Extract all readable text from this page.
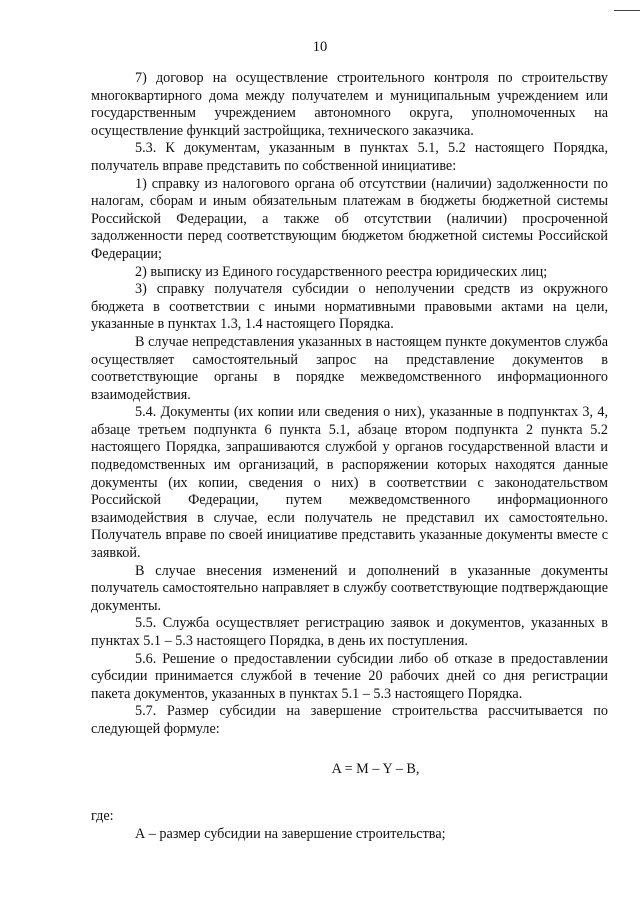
10

7) договор на осуществление строительного контроля по строительству многоквартирного дома между получателем и муниципальным учреждением или государственным учреждением автономного округа, уполномоченных на осуществление функций застройщика, технического заказчика.

5.3. К документам, указанным в пунктах 5.1, 5.2 настоящего Порядка, получатель вправе представить по собственной инициативе:

1) справку из налогового органа об отсутствии (наличии) задолженности по налогам, сборам и иным обязательным платежам в бюджеты бюджетной системы Российской Федерации, а также об отсутствии (наличии) просроченной задолженности перед соответствующим бюджетом бюджетной системы Российской Федерации;

2) выписку из Единого государственного реестра юридических лиц;

3) справку получателя субсидии о неполучении средств из окружного бюджета в соответствии с иными нормативными правовыми актами на цели, указанные в пунктах 1.3, 1.4 настоящего Порядка.

В случае непредставления указанных в настоящем пункте документов служба осуществляет самостоятельный запрос на представление документов в соответствующие органы в порядке межведомственного информационного взаимодействия.

5.4. Документы (их копии или сведения о них), указанные в подпунктах 3, 4, абзаце третьем подпункта 6 пункта 5.1, абзаце втором подпункта 2 пункта 5.2 настоящего Порядка, запрашиваются службой у органов государственной власти и подведомственных им организаций, в распоряжении которых находятся данные документы (их копии, сведения о них) в соответствии с законодательством Российской Федерации, путем межведомственного информационного взаимодействия в случае, если получатель не представил их самостоятельно. Получатель вправе по своей инициативе представить указанные документы вместе с заявкой.

В случае внесения изменений и дополнений в указанные документы получатель самостоятельно направляет в службу соответствующие подтверждающие документы.

5.5. Служба осуществляет регистрацию заявок и документов, указанных в пунктах 5.1 – 5.3 настоящего Порядка, в день их поступления.

5.6. Решение о предоставлении субсидии либо об отказе в предоставлении субсидии принимается службой в течение 20 рабочих дней со дня регистрации пакета документов, указанных в пунктах 5.1 – 5.3 настоящего Порядка.

5.7. Размер субсидии на завершение строительства рассчитывается по следующей формуле:

A = M – Y – B,

где:

А – размер субсидии на завершение строительства;
